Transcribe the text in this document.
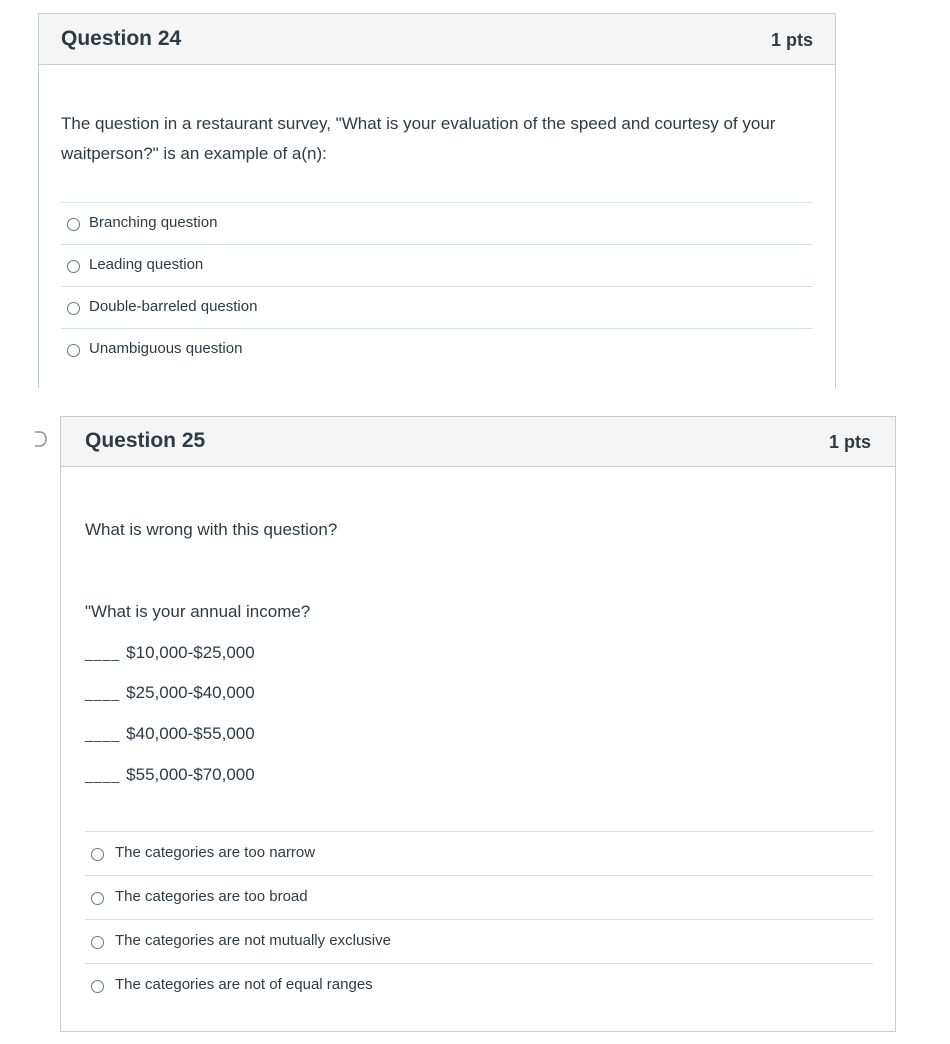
Question 24	1 pts
The question in a restaurant survey, "What is your evaluation of the speed and courtesy of your
waitperson?" is an example of a(n):
Branching question
Leading question
Double-barreled question
Unambiguous question
Question 25	1 pts
What is wrong with this question?
"What is your annual income?
____ $10,000-$25,000
____ $25,000-$40,000
____ $40,000-$55,000
____ $55,000-$70,000
The categories are too narrow
The categories are too broad
The categories are not mutually exclusive
The categories are not of equal ranges
